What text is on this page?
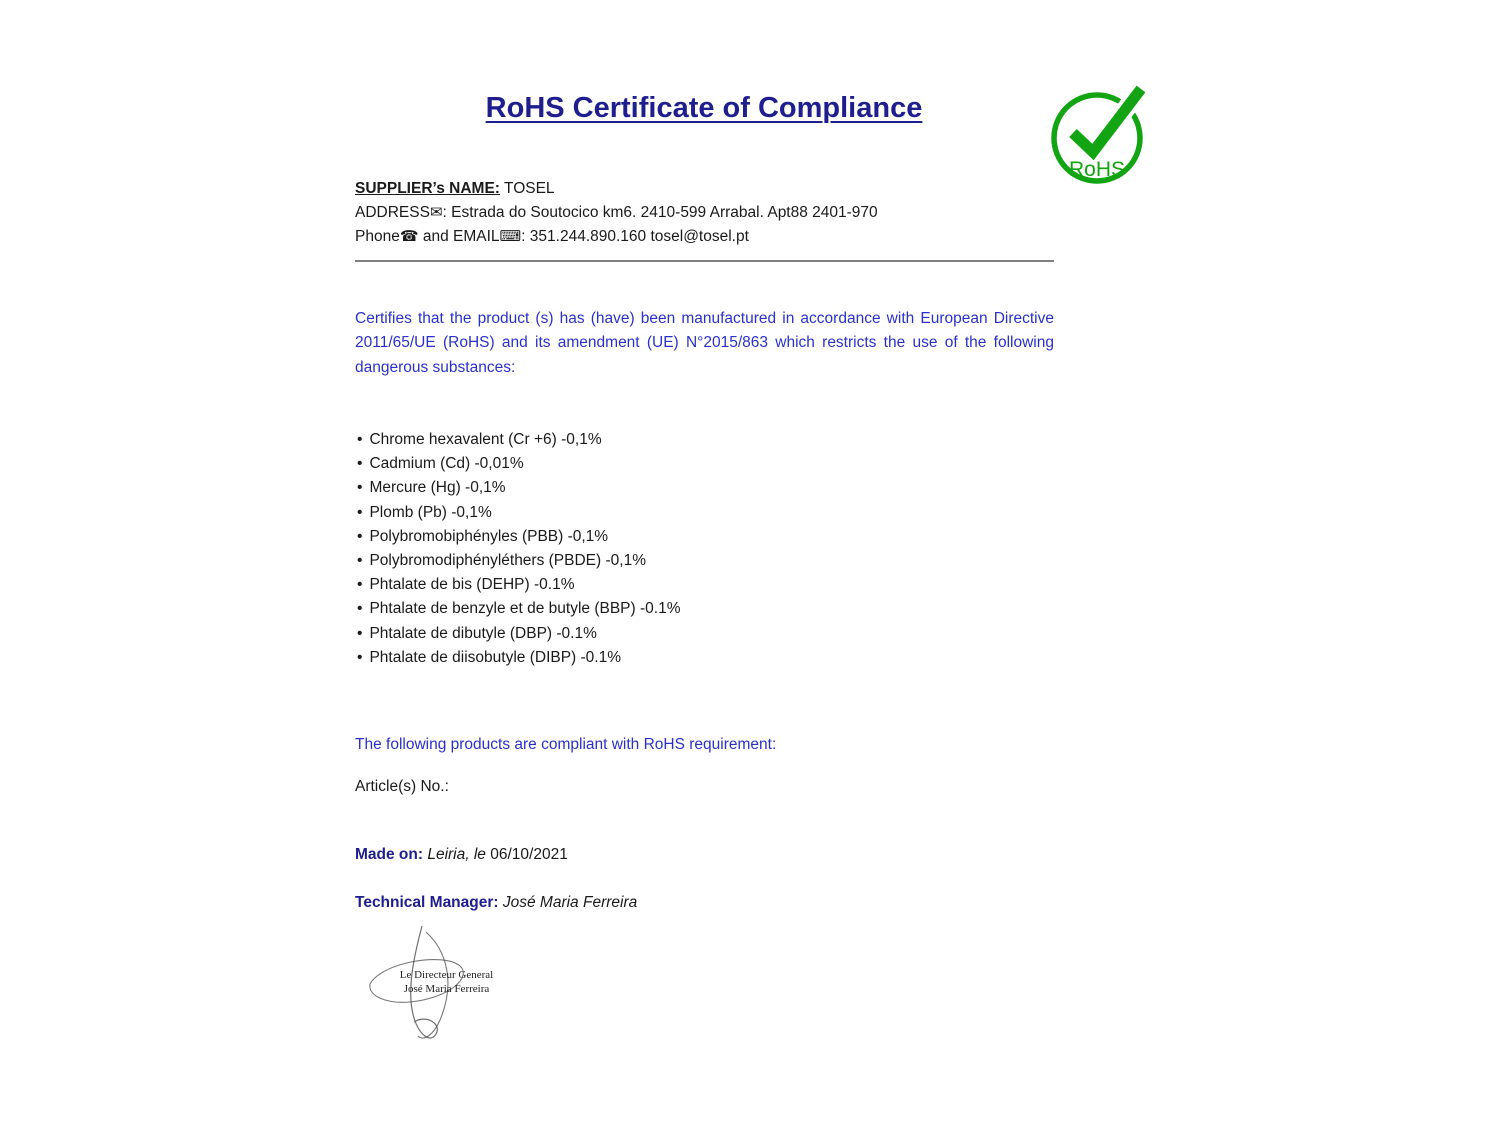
RoHS Certificate of Compliance
RoHS
SUPPLIER’s NAME: TOSEL
ADDRESS✉: Estrada do Soutocico km6. 2410-599 Arrabal. Apt88 2401-970
Phone☎ and EMAIL⌨: 351.244.890.160 tosel@tosel.pt

Certifies that the product (s) has (have) been manufactured in accordance with European Directive 2011/65/UE (RoHS) and its amendment (UE) N°2015/863 which restricts the use of the following dangerous substances:

• Chrome hexavalent (Cr +6) -0,1%
• Cadmium (Cd) -0,01%
• Mercure (Hg) -0,1%
• Plomb (Pb) -0,1%
• Polybromobiphényles (PBB) -0,1%
• Polybromodiphényléthers (PBDE) -0,1%
• Phtalate de bis (DEHP) -0.1%
• Phtalate de benzyle et de butyle (BBP) -0.1%
• Phtalate de dibutyle (DBP) -0.1%
• Phtalate de diisobutyle (DIBP) -0.1%
The following products are compliant with RoHS requirement:
Article(s) No.:
Made on: Leiria, le 06/10/2021
Technical Manager: José Maria Ferreira
Le Directeur General
José Maria Ferreira
